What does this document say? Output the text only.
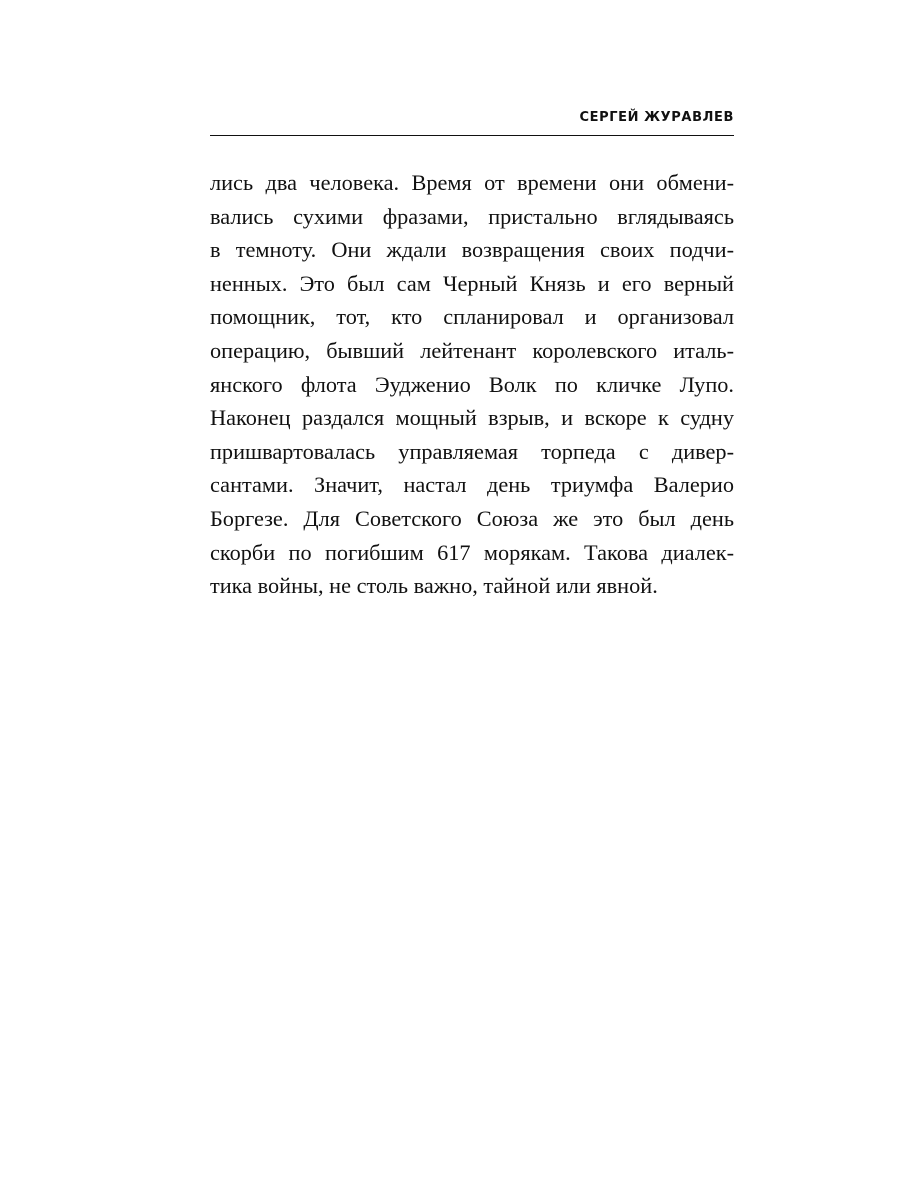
СЕРГЕЙ ЖУРАВЛЕВ
лись два человека. Время от времени они обмени-
вались сухими фразами, пристально вглядываясь
в темноту. Они ждали возвращения своих подчи-
ненных. Это был сам Черный Князь и его верный
помощник, тот, кто спланировал и организовал
операцию, бывший лейтенант королевского италь-
янского флота Эудженио Волк по кличке Лупо.
Наконец раздался мощный взрыв, и вскоре к судну
пришвартовалась управляемая торпеда с дивер-
сантами. Значит, настал день триумфа Валерио
Боргезе. Для Советского Союза же это был день
скорби по погибшим 617 морякам. Такова диалек-
тика войны, не столь важно, тайной или явной.
